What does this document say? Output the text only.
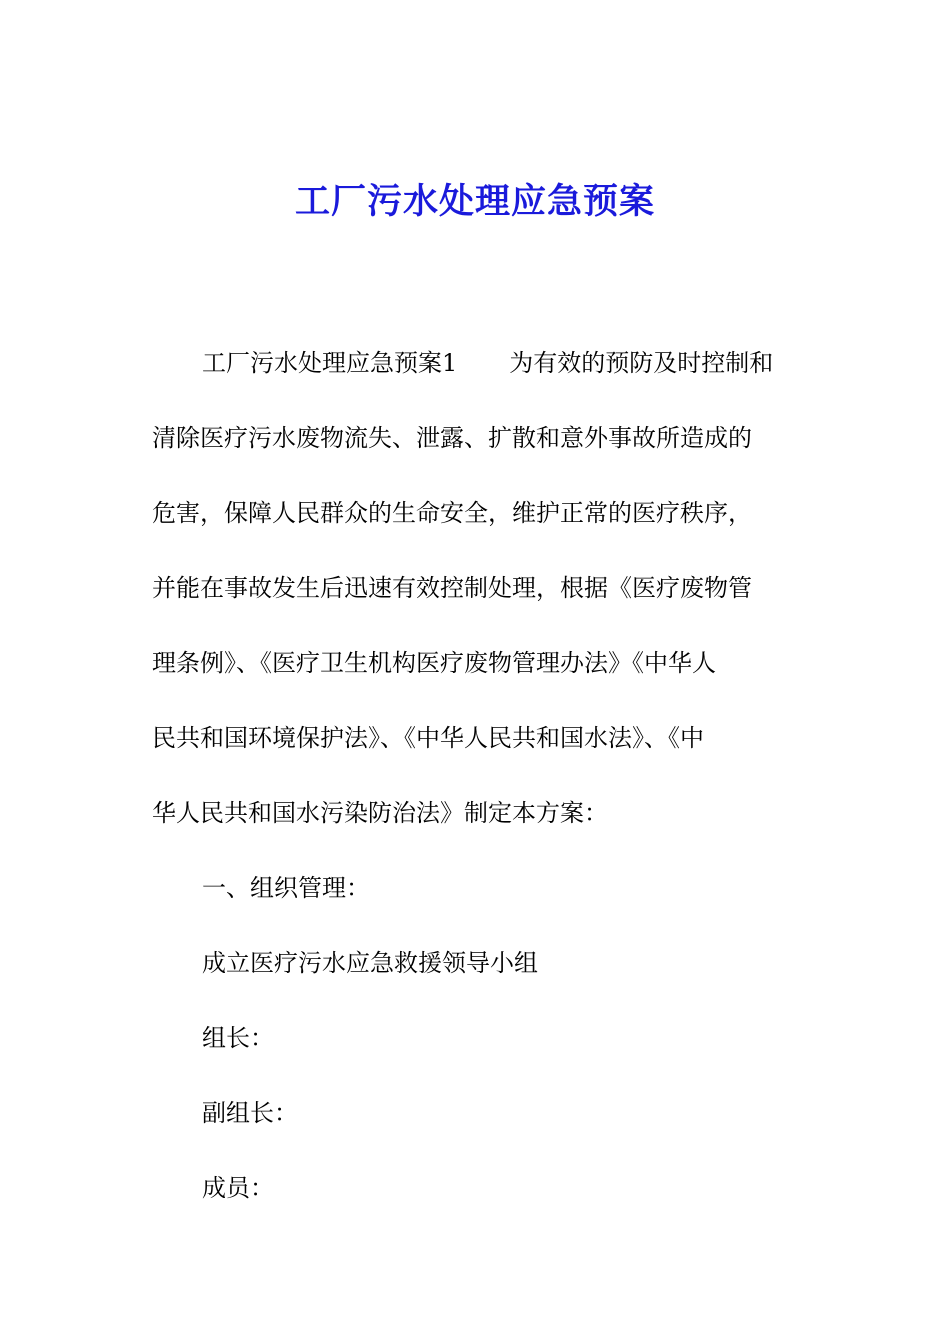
工厂污水处理应急预案
工厂污水处理应急预案1 为有效的预防及时控制和
清除医疗污水废物流失、泄露、扩散和意外事故所造成的
危害，保障人民群众的生命安全，维护正常的医疗秩序，
并能在事故发生后迅速有效控制处理，根据《医疗废物管
理条例》、《医疗卫生机构医疗废物管理办法》《中华人
民共和国环境保护法》、《中华人民共和国水法》、《中
华人民共和国水污染防治法》制定本方案：
一、组织管理：
成立医疗污水应急救援领导小组
组长：
副组长：
成员：
